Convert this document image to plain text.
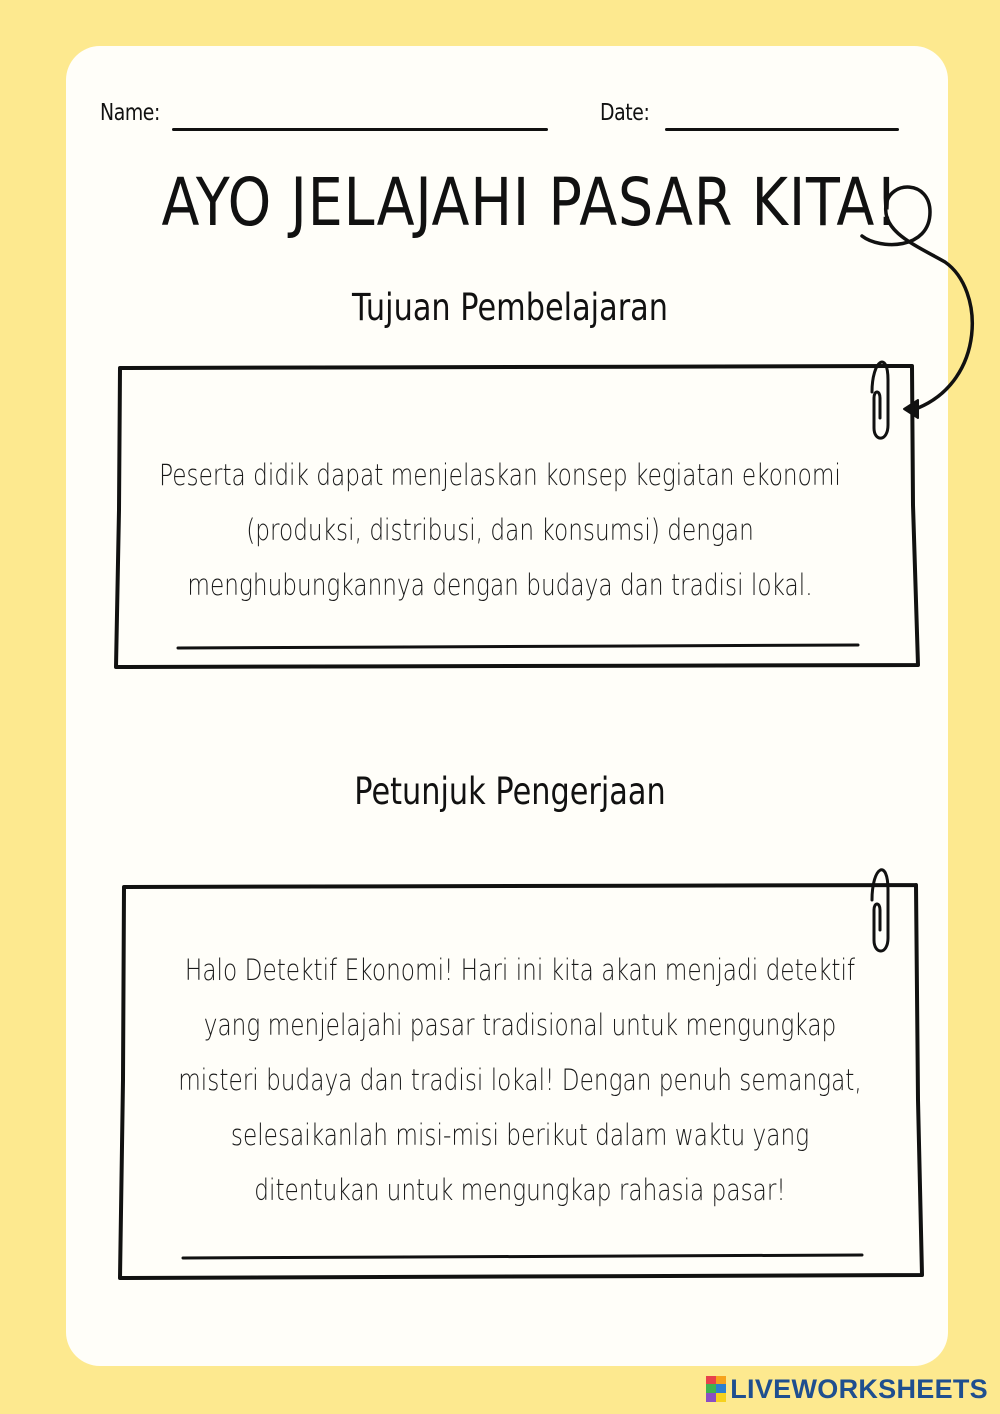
Name:	Date:
AYO JELAJAHI PASAR KITA!
Tujuan Pembelajaran
Peserta didik dapat menjelaskan konsep kegiatan ekonomi
(produksi, distribusi, dan konsumsi) dengan
menghubungkannya dengan budaya dan tradisi lokal.
Petunjuk Pengerjaan
Halo Detektif Ekonomi! Hari ini kita akan menjadi detektif
yang menjelajahi pasar tradisional untuk mengungkap
misteri budaya dan tradisi lokal! Dengan penuh semangat,
selesaikanlah misi-misi berikut dalam waktu yang
ditentukan untuk mengungkap rahasia pasar!
LIVEWORKSHEETS
